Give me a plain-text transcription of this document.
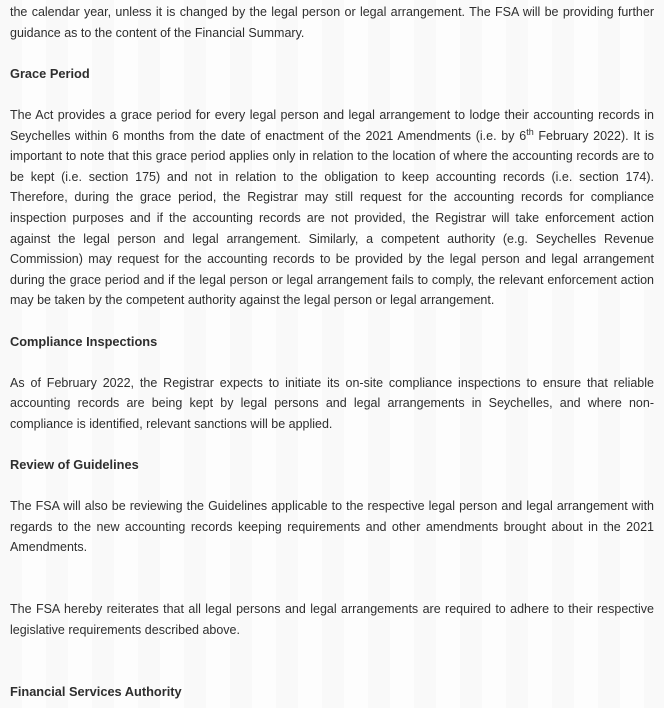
the calendar year, unless it is changed by the legal person or legal arrangement. The FSA will be providing further guidance as to the content of the Financial Summary.

Grace Period

The Act provides a grace period for every legal person and legal arrangement to lodge their accounting records in Seychelles within 6 months from the date of enactment of the 2021 Amendments (i.e. by 6th February 2022). It is important to note that this grace period applies only in relation to the location of where the accounting records are to be kept (i.e. section 175) and not in relation to the obligation to keep accounting records (i.e. section 174). Therefore, during the grace period, the Registrar may still request for the accounting records for compliance inspection purposes and if the accounting records are not provided, the Registrar will take enforcement action against the legal person and legal arrangement. Similarly, a competent authority (e.g. Seychelles Revenue Commission) may request for the accounting records to be provided by the legal person and legal arrangement during the grace period and if the legal person or legal arrangement fails to comply, the relevant enforcement action may be taken by the competent authority against the legal person or legal arrangement.

Compliance Inspections

As of February 2022, the Registrar expects to initiate its on-site compliance inspections to ensure that reliable accounting records are being kept by legal persons and legal arrangements in Seychelles, and where non-compliance is identified, relevant sanctions will be applied.

Review of Guidelines

The FSA will also be reviewing the Guidelines applicable to the respective legal person and legal arrangement with regards to the new accounting records keeping requirements and other amendments brought about in the 2021 Amendments.

The FSA hereby reiterates that all legal persons and legal arrangements are required to adhere to their respective legislative requirements described above.

Financial Services Authority
